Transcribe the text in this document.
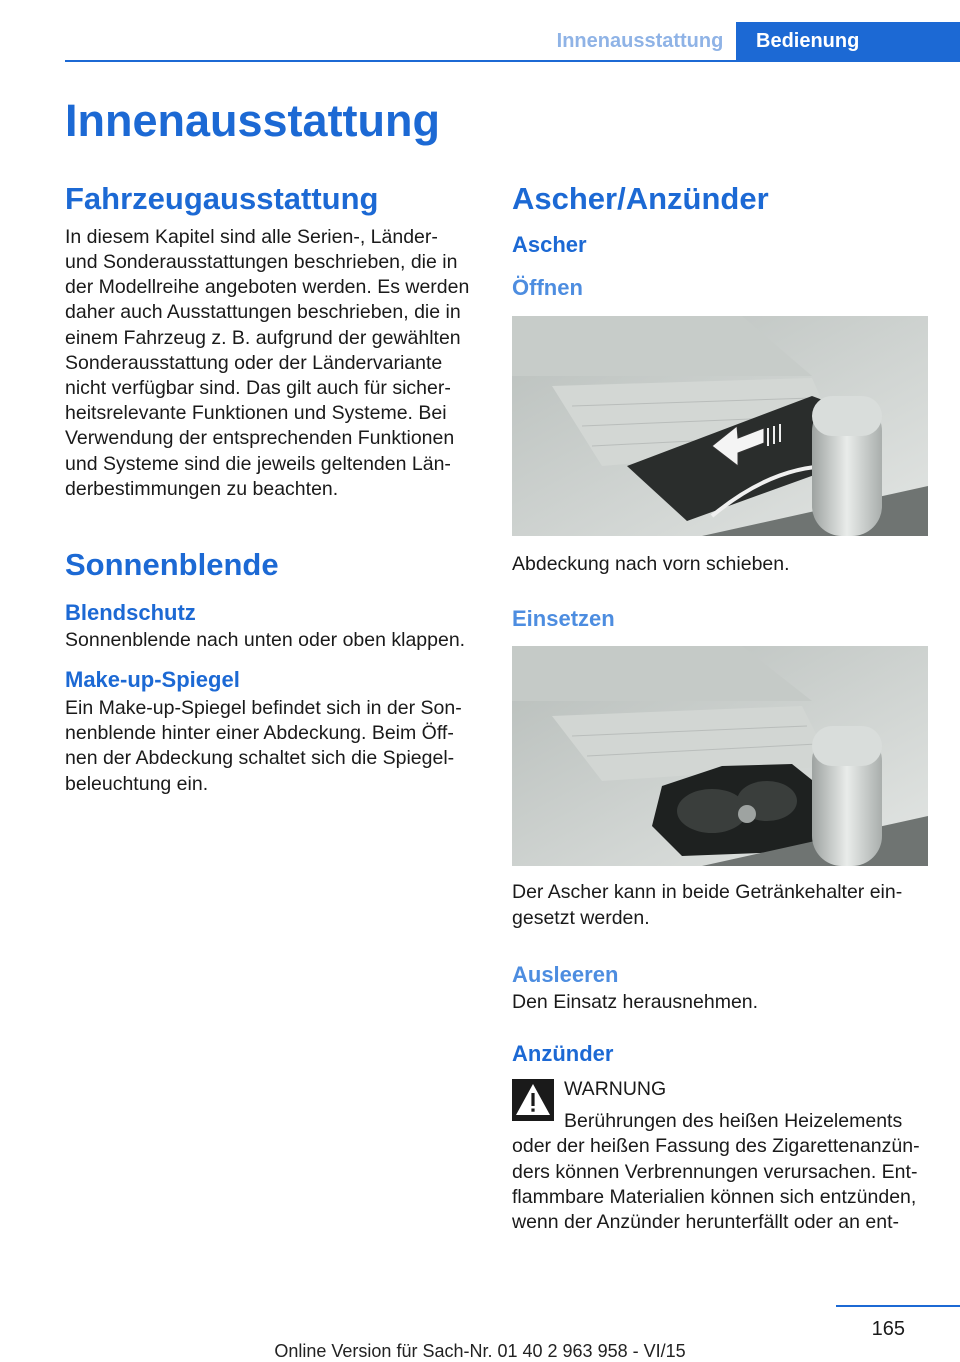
Innenausstattung	Bedienung
Innenausstattung
Fahrzeugausstattung

In diesem Kapitel sind alle Serien-, Länder-
und Sonderausstattungen beschrieben, die in
der Modellreihe angeboten werden. Es werden
daher auch Ausstattungen beschrieben, die in
einem Fahrzeug z. B. aufgrund der gewählten
Sonderausstattung oder der Ländervariante
nicht verfügbar sind. Das gilt auch für sicher-
heitsrelevante Funktionen und Systeme. Bei
Verwendung der entsprechenden Funktionen
und Systeme sind die jeweils geltenden Län-
derbestimmungen zu beachten.

Sonnenblende
Blendschutz

Sonnenblende nach unten oder oben klappen.

Make-up-Spiegel

Ein Make-up-Spiegel befindet sich in der Son-
nenblende hinter einer Abdeckung. Beim Öff-
nen der Abdeckung schaltet sich die Spiegel-
beleuchtung ein.

Ascher/Anzünder
Ascher
Öffnen

Abdeckung nach vorn schieben.

Einsetzen

Der Ascher kann in beide Getränkehalter ein-
gesetzt werden.

Ausleeren

Den Einsatz herausnehmen.

Anzünder

WARNUNG

Berührungen des heißen Heizelements

oder der heißen Fassung des Zigarettenanzün-
ders können Verbrennungen verursachen. Ent-
flammbare Materialien können sich entzünden,
wenn der Anzünder herunterfällt oder an ent-

165
Online Version für Sach-Nr. 01 40 2 963 958 - VI/15
